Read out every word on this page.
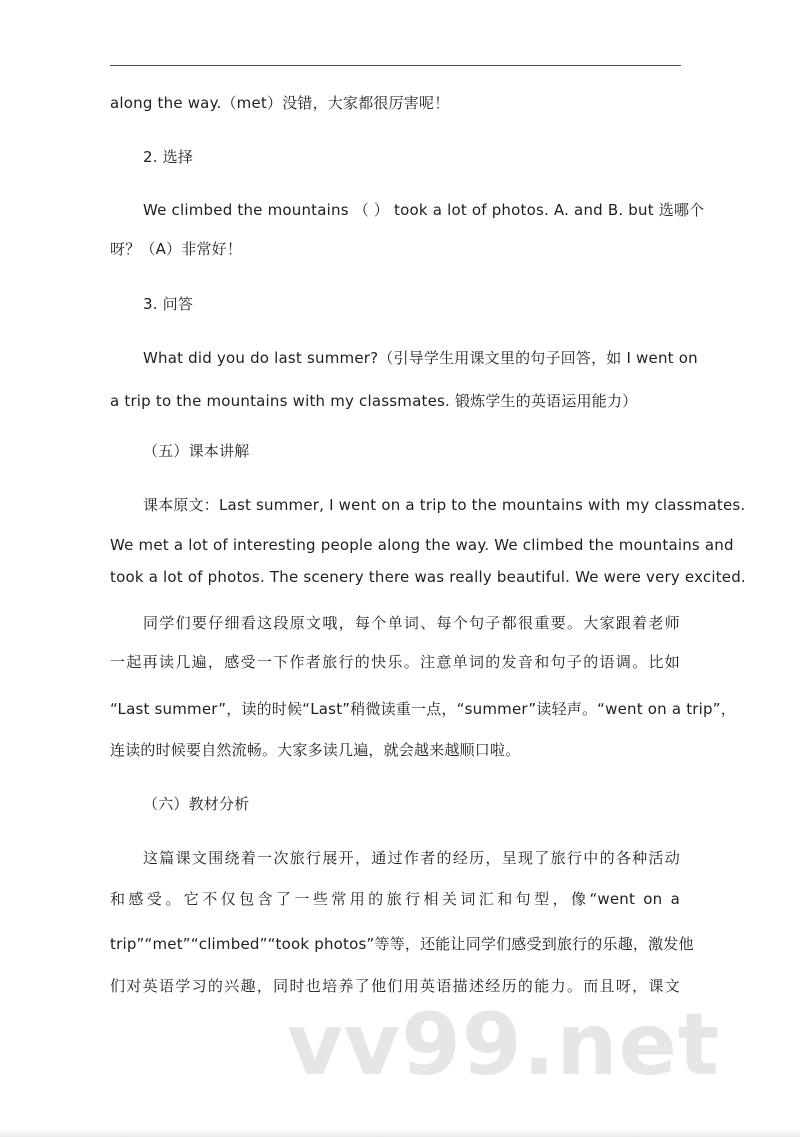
along the way.（met）没错，大家都很厉害呢！
2. 选择
We climbed the mountains （ ） took a lot of photos. A. and B. but 选哪个
呀？（A）非常好！
3. 问答
What did you do last summer?（引导学生用课文里的句子回答，如 I went on
a trip to the mountains with my classmates. 锻炼学生的英语运用能力）
（五）课本讲解
课本原文：Last summer, I went on a trip to the mountains with my classmates.
We met a lot of interesting people along the way. We climbed the mountains and
took a lot of photos. The scenery there was really beautiful. We were very excited.
同学们要仔细看这段原文哦，每个单词、每个句子都很重要。大家跟着老师
一起再读几遍，感受一下作者旅行的快乐。注意单词的发音和句子的语调。比如
“Last summer”，读的时候“Last”稍微读重一点，“summer”读轻声。“went on a trip”，
连读的时候要自然流畅。大家多读几遍，就会越来越顺口啦。
（六）教材分析
这篇课文围绕着一次旅行展开，通过作者的经历，呈现了旅行中的各种活动
和感受。它不仅包含了一些常用的旅行相关词汇和句型，像“went on a
trip”“met”“climbed”“took photos”等等，还能让同学们感受到旅行的乐趣，激发他
们对英语学习的兴趣，同时也培养了他们用英语描述经历的能力。而且呀，课文
vv99.net
